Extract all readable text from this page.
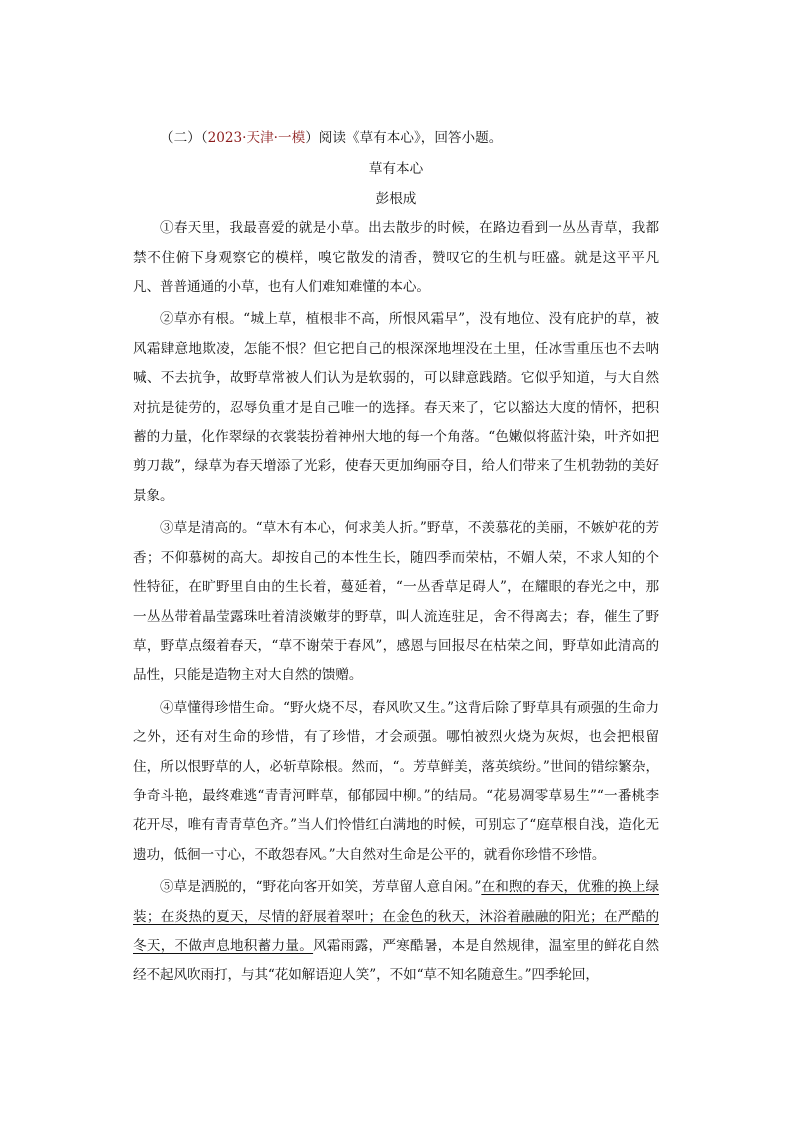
（二）（2023·天津·一模）阅读《草有本心》，回答小题。

草有本心

彭根成

①春天里，我最喜爱的就是小草。出去散步的时候，在路边看到一丛丛青草，我都禁不住俯下身观察它的模样，嗅它散发的清香，赞叹它的生机与旺盛。就是这平平凡凡、普普通通的小草，也有人们难知难懂的本心。

②草亦有根。“城上草，植根非不高，所恨风霜早”，没有地位、没有庇护的草，被风霜肆意地欺凌，怎能不恨？但它把自己的根深深地埋没在土里，任冰雪重压也不去呐喊、不去抗争，故野草常被人们认为是软弱的，可以肆意践踏。它似乎知道，与大自然对抗是徒劳的，忍辱负重才是自己唯一的选择。春天来了，它以豁达大度的情怀，把积蓄的力量，化作翠绿的衣裳装扮着神州大地的每一个角落。“色嫩似将蓝汁染，叶齐如把剪刀裁”，绿草为春天增添了光彩，使春天更加绚丽夺目，给人们带来了生机勃勃的美好景象。

③草是清高的。“草木有本心，何求美人折。”野草，不羡慕花的美丽，不嫉妒花的芳香；不仰慕树的高大。却按自己的本性生长，随四季而荣枯，不媚人荣，不求人知的个性特征，在旷野里自由的生长着，蔓延着，“一丛香草足碍人”，在耀眼的春光之中，那一丛丛带着晶莹露珠吐着清淡嫩芽的野草，叫人流连驻足，舍不得离去；春，催生了野草，野草点缀着春天，“草不谢荣于春风”，感恩与回报尽在枯荣之间，野草如此清高的品性，只能是造物主对大自然的馈赠。

④草懂得珍惜生命。“野火烧不尽，春风吹又生。”这背后除了野草具有顽强的生命力之外，还有对生命的珍惜，有了珍惜，才会顽强。哪怕被烈火烧为灰烬，也会把根留住，所以恨野草的人，必斩草除根。然而，“。芳草鲜美，落英缤纷。”世间的错综繁杂，争奇斗艳，最终难逃“青青河畔草，郁郁园中柳。”的结局。“花易凋零草易生”“一番桃李花开尽，唯有青青草色齐。”当人们怜惜红白满地的时候，可别忘了“庭草根自浅，造化无遗功，低徊一寸心，不敢怨春风。”大自然对生命是公平的，就看你珍惜不珍惜。

⑤草是洒脱的，“野花向客开如笑，芳草留人意自闲。”在和煦的春天，优雅的换上绿装；在炎热的夏天，尽情的舒展着翠叶；在金色的秋天，沐浴着融融的阳光；在严酷的冬天，不做声息地积蓄力量。风霜雨露，严寒酷暑，本是自然规律，温室里的鲜花自然经不起风吹雨打，与其“花如解语迎人笑”，不如“草不知名随意生。”四季轮回，
